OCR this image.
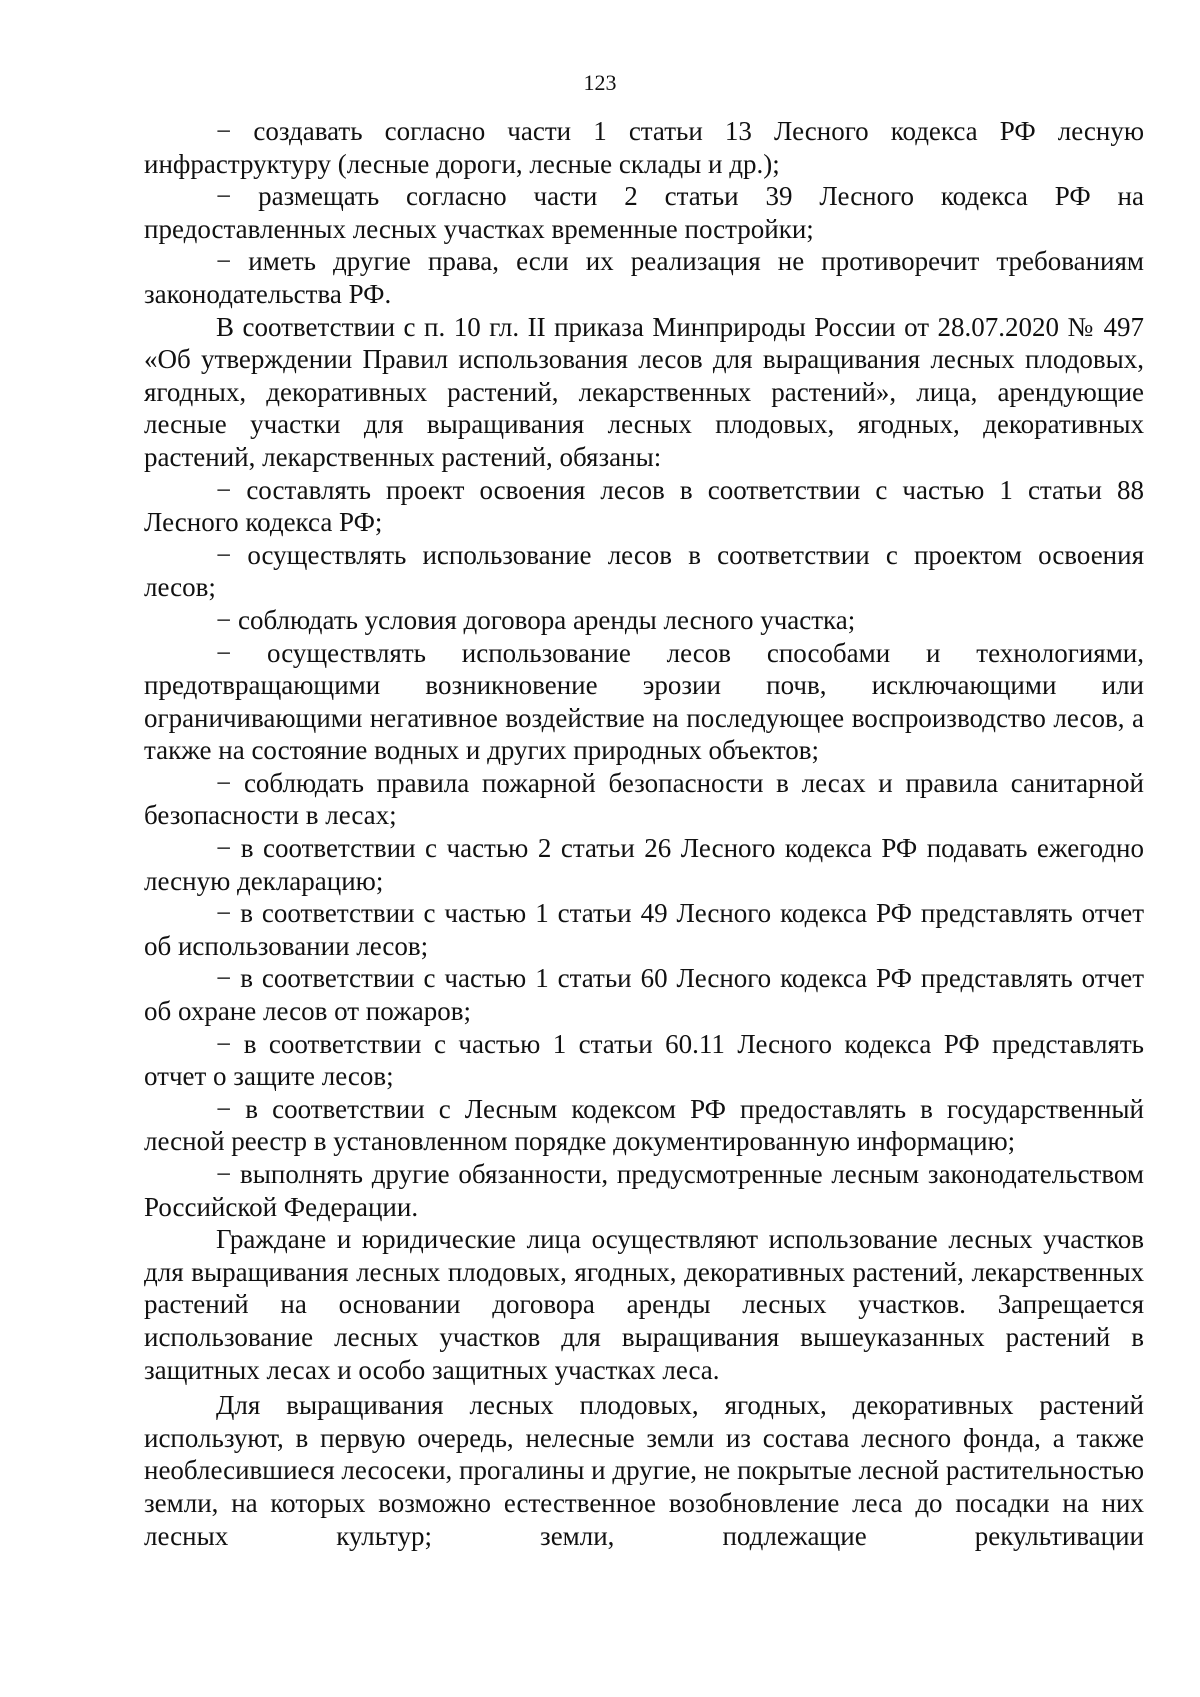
123

− создавать согласно части 1 статьи 13 Лесного кодекса РФ лесную инфраструктуру (лесные дороги, лесные склады и др.);

− размещать согласно части 2 статьи 39 Лесного кодекса РФ на предоставленных лесных участках временные постройки;

− иметь другие права, если их реализация не противоречит требованиям законодательства РФ.

В соответствии с п. 10 гл. II приказа Минприроды России от 28.07.2020 № 497 «Об утверждении Правил использования лесов для выращивания лесных плодовых, ягодных, декоративных растений, лекарственных растений», лица, арендующие лесные участки для выращивания лесных плодовых, ягодных, декоративных растений, лекарственных растений, обязаны:

− составлять проект освоения лесов в соответствии с частью 1 статьи 88 Лесного кодекса РФ;

− осуществлять использование лесов в соответствии с проектом освоения лесов;

− соблюдать условия договора аренды лесного участка;

− осуществлять использование лесов способами и технологиями, предотвращающими возникновение эрозии почв, исключающими или ограничивающими негативное воздействие на последующее воспроизводство лесов, а также на состояние водных и других природных объектов;

− соблюдать правила пожарной безопасности в лесах и правила санитарной безопасности в лесах;

− в соответствии с частью 2 статьи 26 Лесного кодекса РФ подавать ежегодно лесную декларацию;

− в соответствии с частью 1 статьи 49 Лесного кодекса РФ представлять отчет об использовании лесов;

− в соответствии с частью 1 статьи 60 Лесного кодекса РФ представлять отчет об охране лесов от пожаров;

− в соответствии с частью 1 статьи 60.11 Лесного кодекса РФ представлять отчет о защите лесов;

− в соответствии с Лесным кодексом РФ предоставлять в государственный лесной реестр в установленном порядке документированную информацию;

− выполнять другие обязанности, предусмотренные лесным законодательством Российской Федерации.

Граждане и юридические лица осуществляют использование лесных участков для выращивания лесных плодовых, ягодных, декоративных растений, лекарственных растений на основании договора аренды лесных участков. Запрещается использование лесных участков для выращивания вышеуказанных растений в защитных лесах и особо защитных участках леса.

Для выращивания лесных плодовых, ягодных, декоративных растений используют, в первую очередь, нелесные земли из состава лесного фонда, а также необлесившиеся лесосеки, прогалины и другие, не покрытые лесной растительностью земли, на которых возможно естественное возобновление леса до посадки на них лесных культур; земли, подлежащие рекультивации
